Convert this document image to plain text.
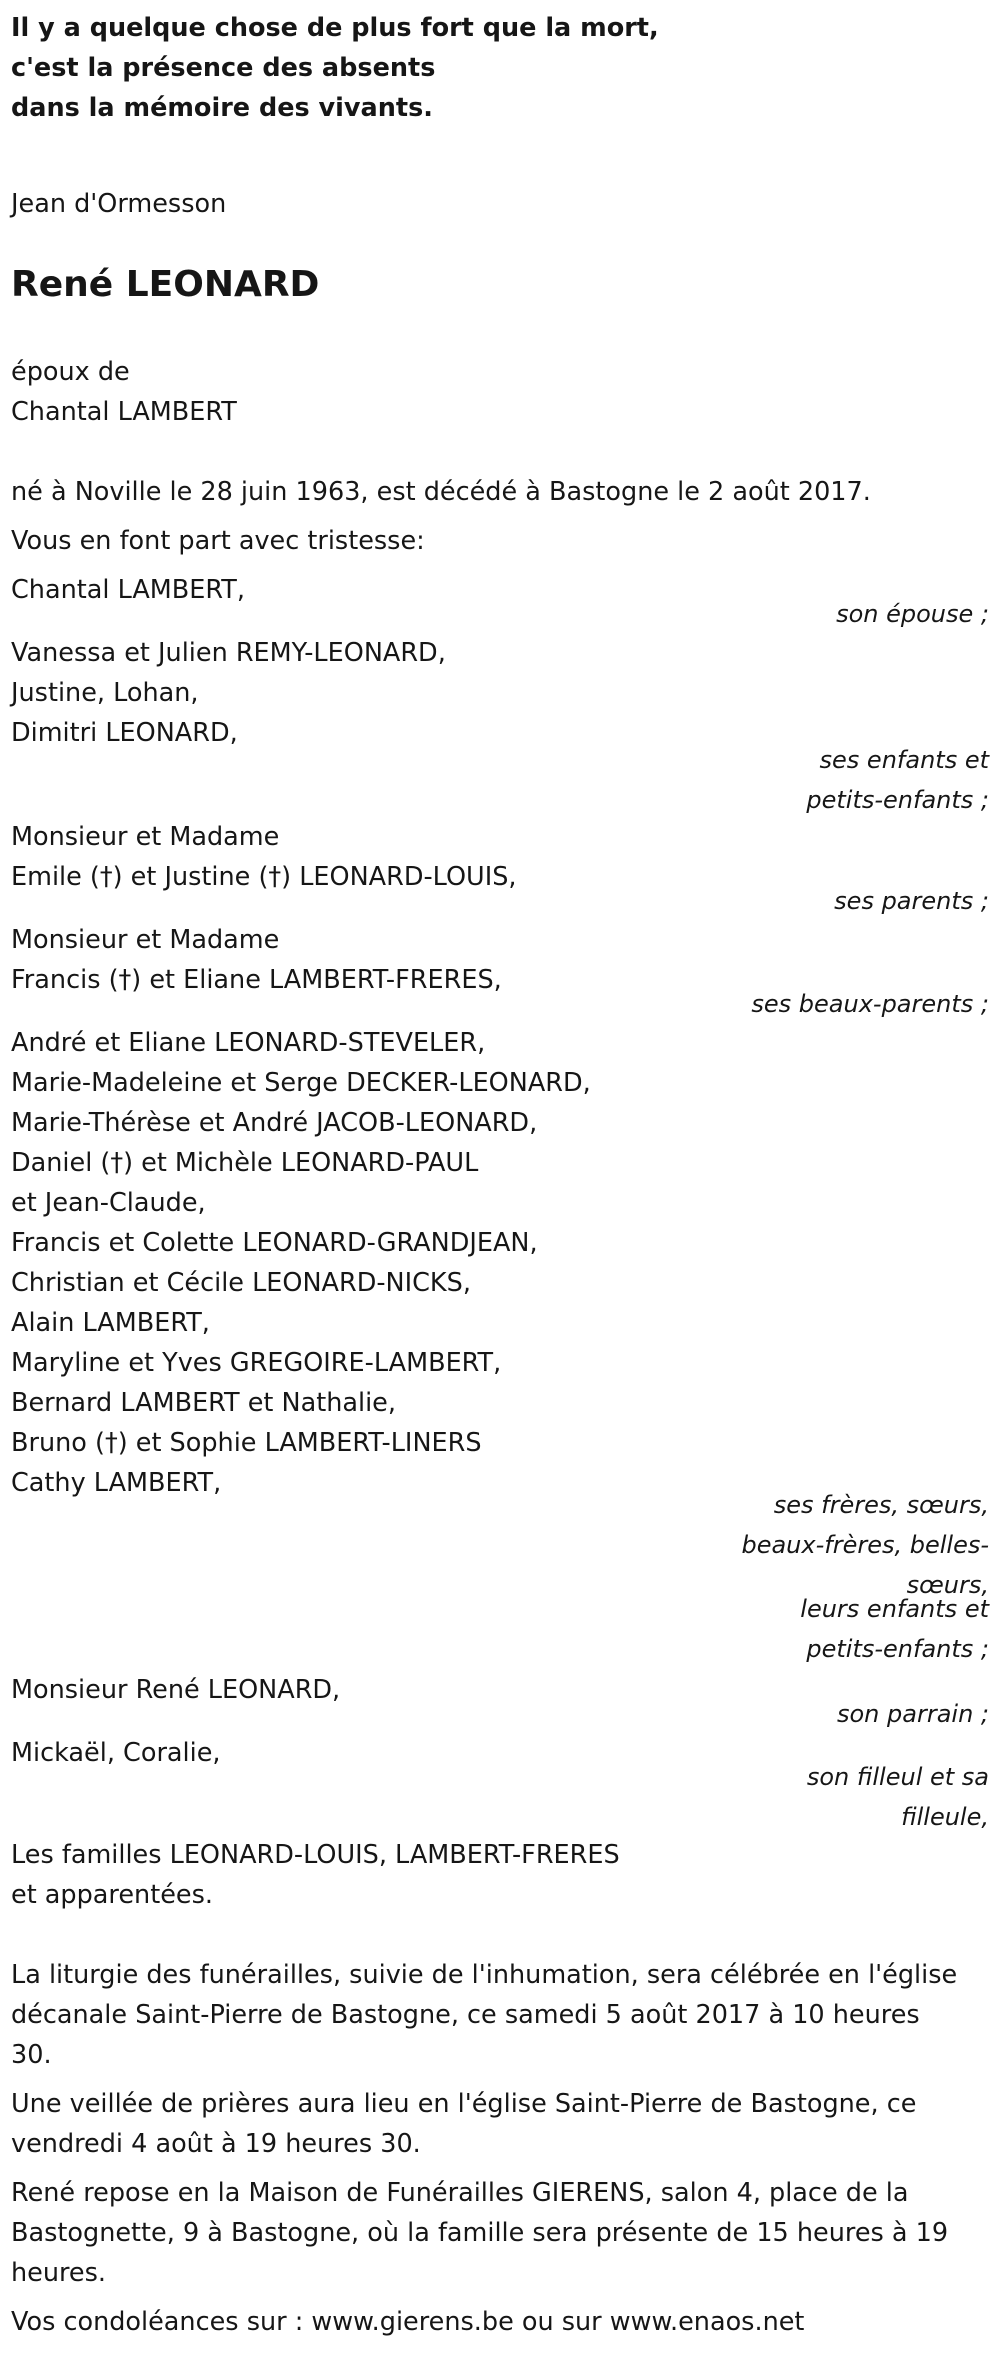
Il y a quelque chose de plus fort que la mort,
c'est la présence des absents
dans la mémoire des vivants.
Jean d'Ormesson
René LEONARD
époux de
Chantal LAMBERT
né à Noville le 28 juin 1963, est décédé à Bastogne le 2 août 2017.
Vous en font part avec tristesse:
Chantal LAMBERT,
son épouse ;
Vanessa et Julien REMY-LEONARD,
Justine, Lohan,
Dimitri LEONARD,
ses enfants et
petits-enfants ;
Monsieur et Madame
Emile (†) et Justine (†) LEONARD-LOUIS,
ses parents ;
Monsieur et Madame
Francis (†) et Eliane LAMBERT-FRERES,
ses beaux-parents ;
André et Eliane LEONARD-STEVELER,
Marie-Madeleine et Serge DECKER-LEONARD,
Marie-Thérèse et André JACOB-LEONARD,
Daniel (†) et Michèle LEONARD-PAUL
et Jean-Claude,
Francis et Colette LEONARD-GRANDJEAN,
Christian et Cécile LEONARD-NICKS,
Alain LAMBERT,
Maryline et Yves GREGOIRE-LAMBERT,
Bernard LAMBERT et Nathalie,
Bruno (†) et Sophie LAMBERT-LINERS
Cathy LAMBERT,
ses frères, sœurs,
beaux-frères, belles-
sœurs,
leurs enfants et
petits-enfants ;
Monsieur René LEONARD,
son parrain ;
Mickaël, Coralie,
son filleul et sa
filleule,
Les familles LEONARD-LOUIS, LAMBERT-FRERES
et apparentées.
La liturgie des funérailles, suivie de l'inhumation, sera célébrée en l'église
décanale Saint-Pierre de Bastogne, ce samedi 5 août 2017 à 10 heures
30.
Une veillée de prières aura lieu en l'église Saint-Pierre de Bastogne, ce
vendredi 4 août à 19 heures 30.
René repose en la Maison de Funérailles GIERENS, salon 4, place de la
Bastognette, 9 à Bastogne, où la famille sera présente de 15 heures à 19
heures.
Vos condoléances sur : www.gierens.be ou sur www.enaos.net
